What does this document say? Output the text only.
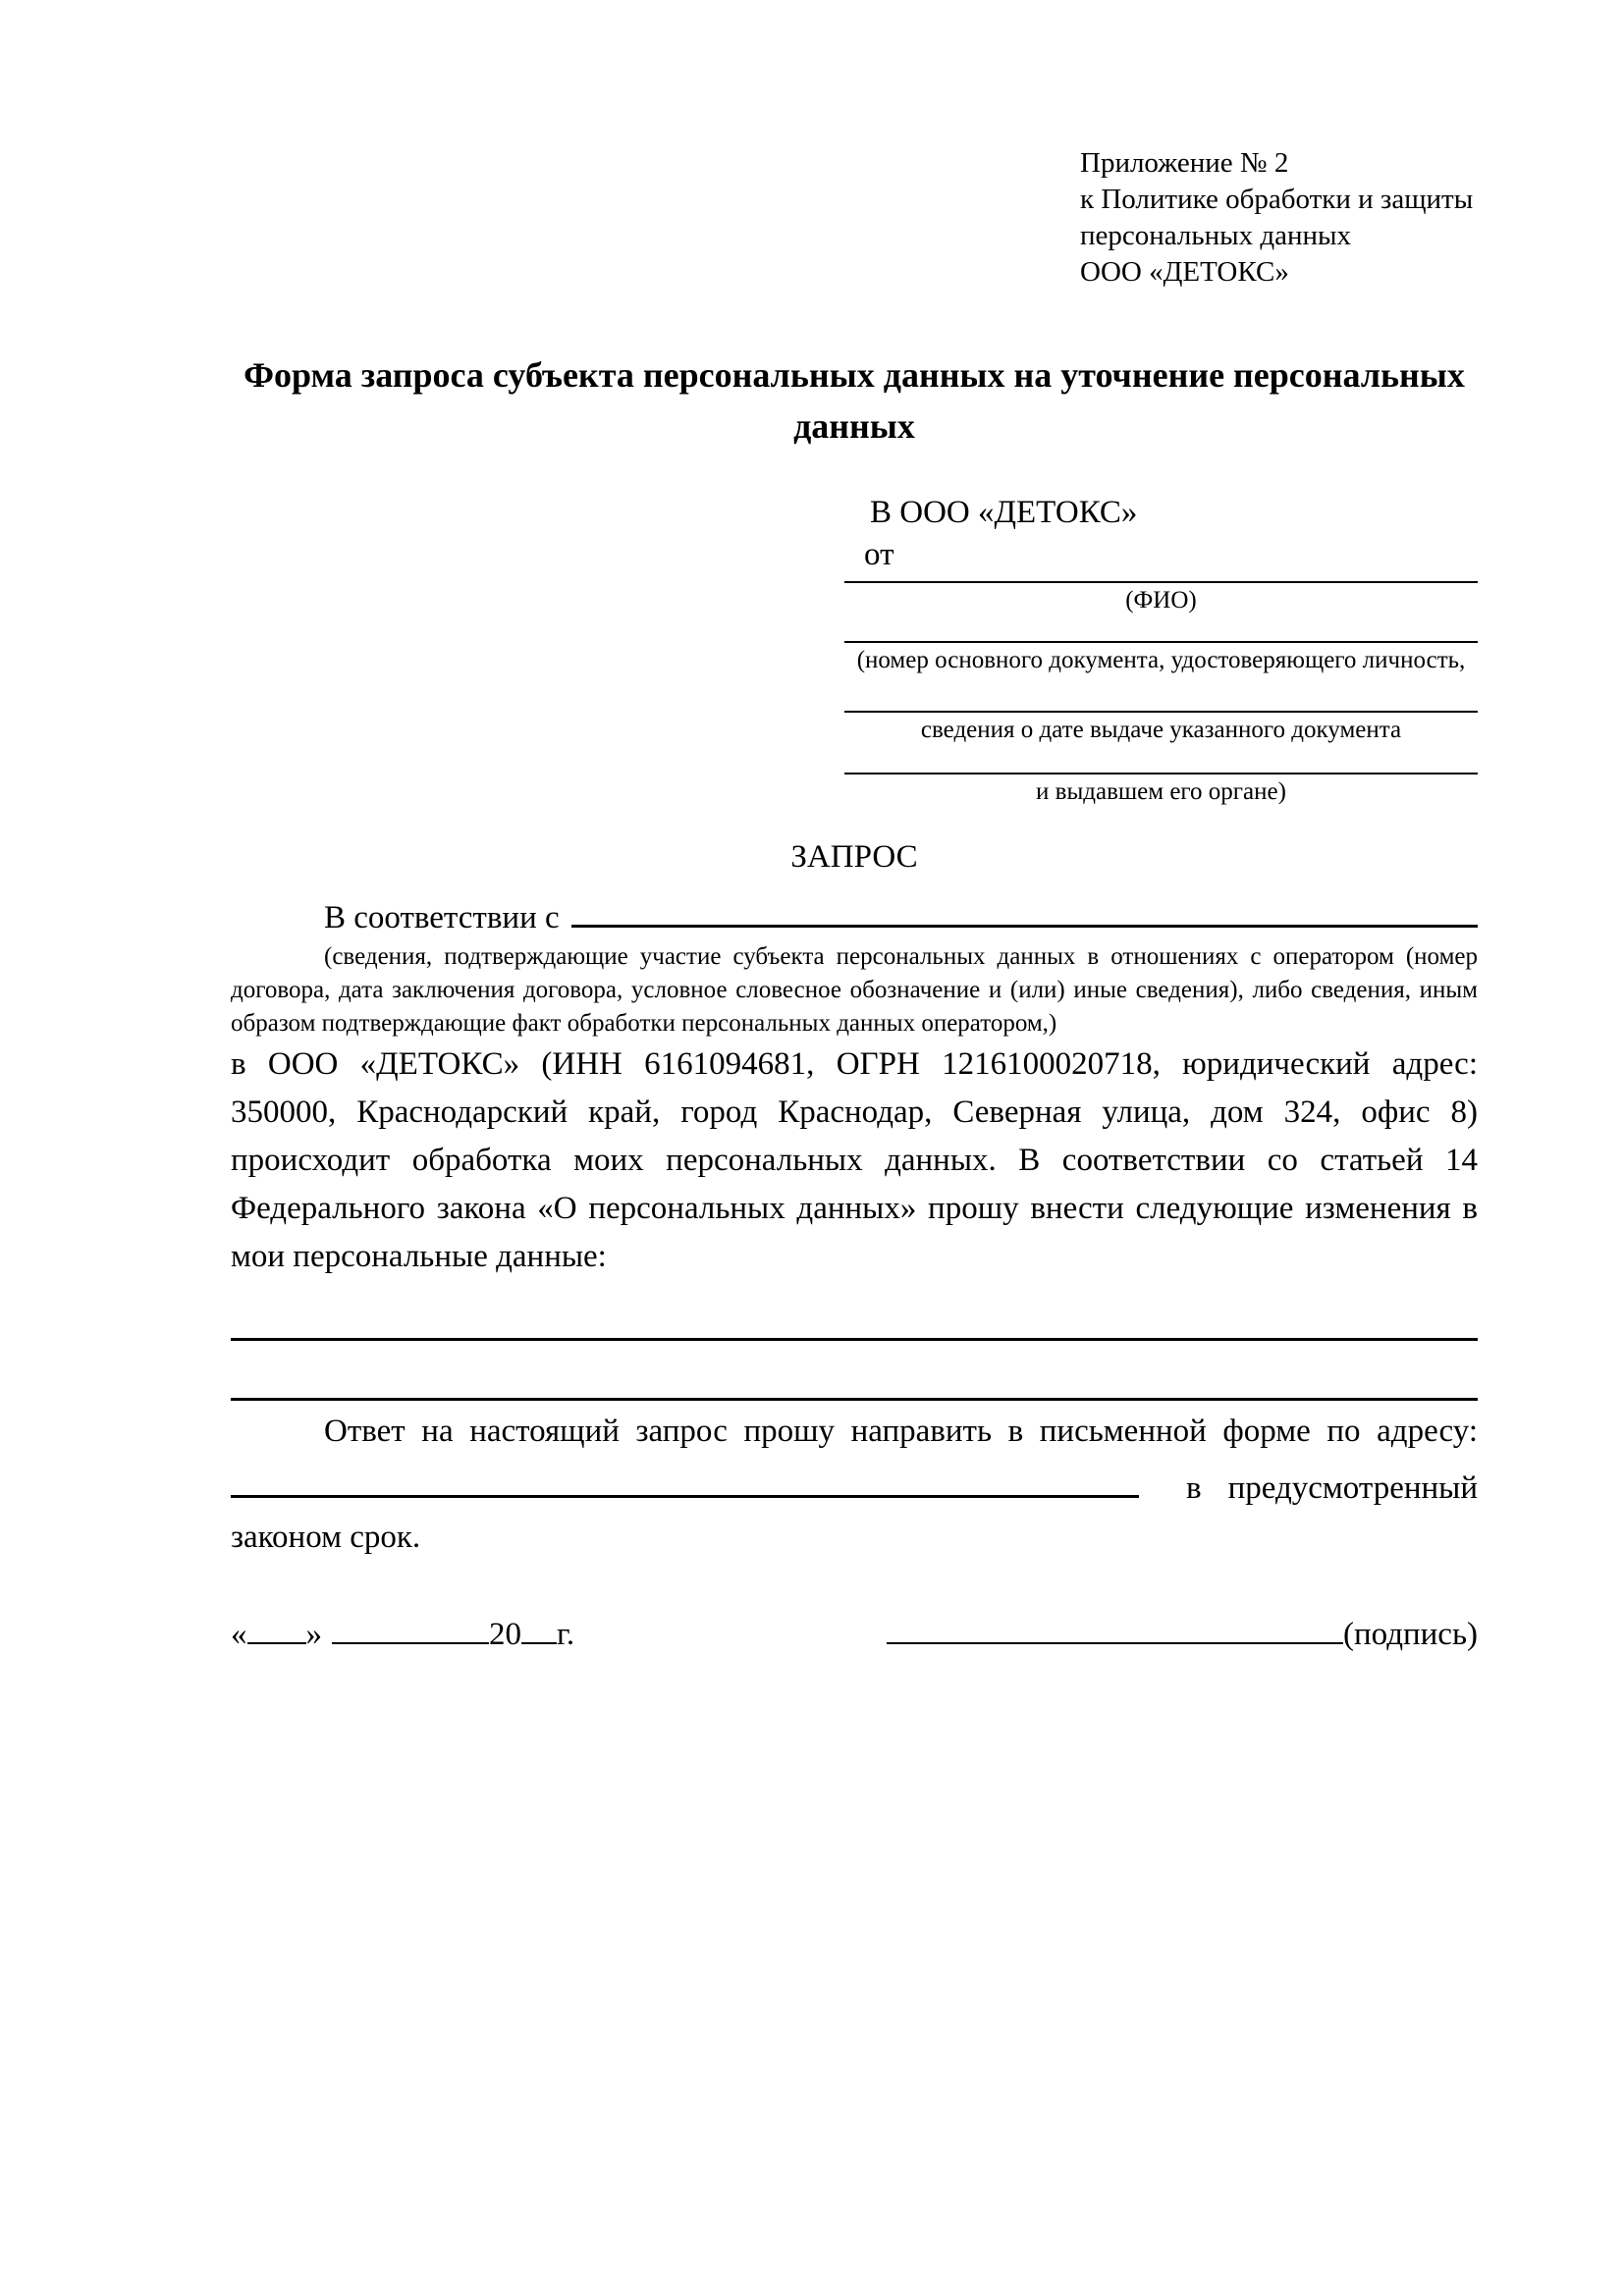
Приложение № 2
к Политике обработки и защиты
персональных данных
ООО «ДЕТОКС»
Форма запроса субъекта персональных данных на уточнение персональных данных
В ООО «ДЕТОКС»
от
(ФИО)
(номер основного документа, удостоверяющего личность,
сведения о дате выдаче указанного документа
и выдавшем его органе)
ЗАПРОС
В соответствии с
(сведения, подтверждающие участие субъекта персональных данных в отношениях с оператором (номер договора, дата заключения договора, условное словесное обозначение и (или) иные сведения), либо сведения, иным образом подтверждающие факт обработки персональных данных оператором,)
в ООО «ДЕТОКС» (ИНН 6161094681, ОГРН 1216100020718, юридический адрес: 350000, Краснодарский край, город Краснодар, Северная улица, дом 324, офис 8) происходит обработка моих персональных данных. В соответствии со статьей 14 Федерального закона «О персональных данных» прошу внести следующие изменения в мои персональные данные:
Ответ на настоящий запрос прошу направить в письменной форме по адресу:
в предусмотренный
законом срок.
« »	20 г.	(подпись)
